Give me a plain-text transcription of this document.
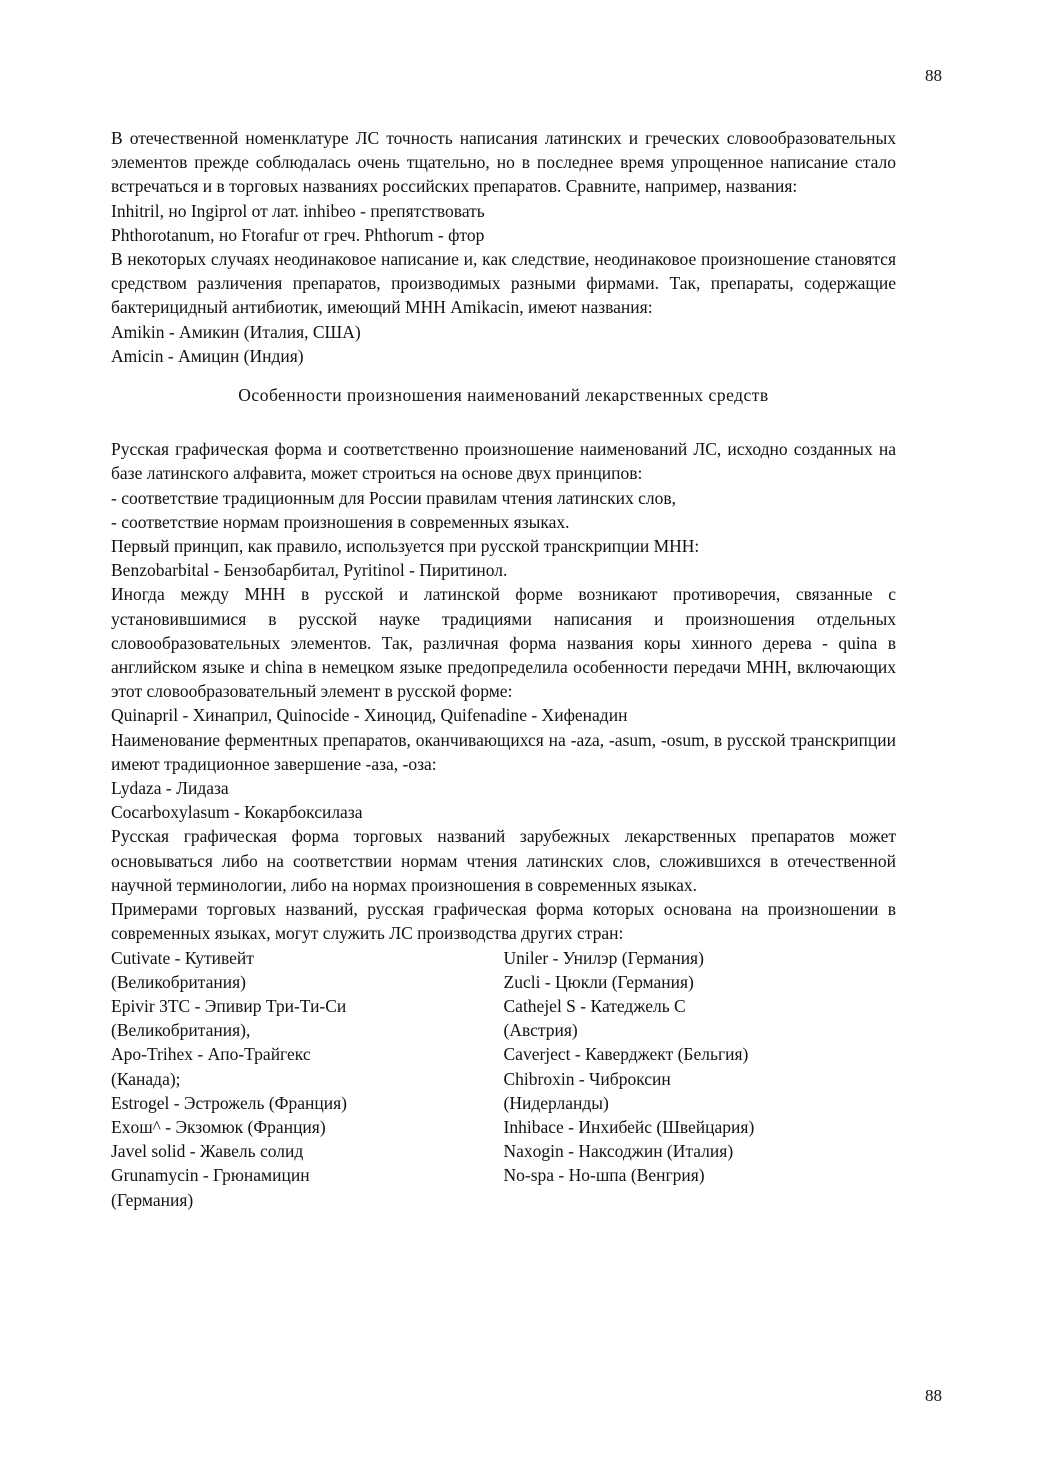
88

В отечественной номенклатуре ЛС точность написания латинских и греческих словообразовательных элементов прежде соблюдалась очень тщательно, но в последнее время упрощенное написание стало встречаться и в торговых названиях российских препаратов. Сравните, например, названия:

Inhitril, но Ingiprol от лат. inhibeo - препятствовать

Phthorotanum, но Ftorafur от греч. Phthorum - фтор

В некоторых случаях неодинаковое написание и, как следствие, неодинаковое произношение становятся средством различения препаратов, производимых разными фирмами. Так, препараты, содержащие бактерицидный антибиотик, имеющий МНН Amikacin, имеют названия:

Amikin - Амикин (Италия, США)

Amicin - Амицин (Индия)

Особенности произношения наименований лекарственных средств

Русская графическая форма и соответственно произношение наименований ЛС, исходно созданных на базе латинского алфавита, может строиться на основе двух принципов:

- соответствие традиционным для России правилам чтения латинских слов,

- соответствие нормам произношения в современных языках.

Первый принцип, как правило, используется при русской транскрипции МНН:

Benzobarbital - Бензобарбитал, Pyritinol - Пиритинол.

Иногда между МНН в русской и латинской форме возникают противоречия, связанные с установившимися в русской науке традициями написания и произношения отдельных словообразовательных элементов. Так, различная форма названия коры хинного дерева - quina в английском языке и china в немецком языке предопределила особенности передачи МНН, включающих этот словообразовательный элемент в русской форме:

Quinapril - Хинаприл, Quinocide - Хиноцид, Quifenadine - Хифенадин

Наименование ферментных препаратов, оканчивающихся на -aza, -asum, -osum, в русской транскрипции имеют традиционное завершение -аза, -оза:

Lydaza - Лидаза

Cocarboxylasum - Кокарбоксилаза

Русская графическая форма торговых названий зарубежных лекарственных препаратов может основываться либо на соответствии нормам чтения латинских слов, сложившихся в отечественной научной терминологии, либо на нормах произношения в современных языках.

Примерами торговых названий, русская графическая форма которых основана на произношении в современных языках, могут служить ЛС производства других стран:

Cutivate - Кутивейт

(Великобритания)

Epivir 3TC - Эпивир Три-Ти-Си

(Великобритания),

Apo-Trihex - Апо-Трайгекс

(Канада);

Estrogel - Эстрожель (Франция)

Exош^ - Экзомюк (Франция)

Javel solid - Жавель солид

Grunamycin - Грюнамицин

(Германия)

Uniler - Унилэр (Германия)

Zucli - Цюкли (Германия)

Cathejel S - Катеджель С

(Австрия)

Caverject - Каверджект (Бельгия)

Chibroxin - Чиброксин

(Нидерланды)

Inhibace - Инхибейс (Швейцария)

Naxogin - Наксоджин (Италия)

No-spa - Но-шпа (Венгрия)

88
